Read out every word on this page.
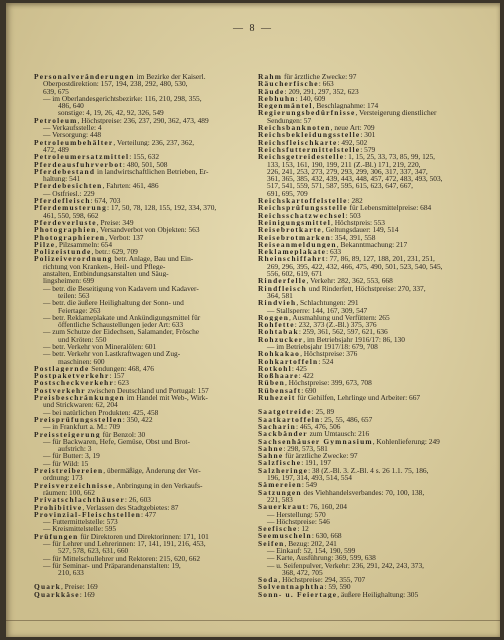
— 8 —
Personalveränderungen im Bezirke der Kaiserl.
Oberpostdirektion: 157, 194, 238, 292, 480, 530,
639, 675
— im Oberlandesgerichtsbezirke: 116, 210, 298, 355,
486, 640
sonstige: 4, 19, 26, 42, 92, 326, 549
Petroleum, Höchstpreise: 236, 237, 290, 362, 473, 489
— Verkaufsstelle: 4
— Versorgung: 448
Petroleumbehälter, Verteilung: 236, 237, 362,
472, 489
Petroleumersatzmittel: 155, 632
Pferdeausfuhrverbot: 480, 501, 508
Pferdebestand in landwirtschaftlichen Betrieben, Er-
haltung: 541
Pferdebesichten, Fahrten: 461, 486
— Ostfriesl.: 229
Pferdefleisch: 674, 703
Pferdemusterung: 17, 50, 78, 128, 155, 192, 334, 370,
461, 550, 598, 662
Pferdeverluste, Preise: 349
Photographien, Versandverbot von Objekten: 563
Photographieren, Verbot: 137
Pilze, Pilzsammeln: 654
Polizeistunde, betr.: 629, 709
Polizeiverordnung betr. Anlage, Bau und Ein-
richtung von Kranken-, Heil- und Pflege-
anstalten, Entbindungsanstalten und Säug-
lingsheimen: 699
— betr. die Beseitigung von Kadavern und Kadaver-
teilen: 563
— betr. die äußere Heilighaltung der Sonn- und
Feiertage: 263
— betr. Reklameplakate und Ankündigungsmittel für
öffentliche Schaustellungen jeder Art: 633
— zum Schutze der Eidechsen, Salamander, Frösche
und Kröten: 550
— betr. Verkehr von Mineralölen: 601
— betr. Verkehr von Lastkraftwagen und Zug-
maschinen: 600
Postlagernde Sendungen: 468, 476
Postpaketverkehr: 157
Postscheckverkehr: 623
Postverkehr zwischen Deutschland und Portugal: 157
Preisbeschränkungen im Handel mit Web-, Wirk-
und Strickwaren: 62, 204
— bei natürlichen Produkten: 425, 458
Preisprüfungsstellen: 350, 422
— in Frankfurt a. M.: 709
Preissteigerung für Benzol: 30
— für Backwaren, Hefe, Gemüse, Obst und Brot-
aufstrich: 3
— für Butter: 3, 19
— für Wild: 15
Preistreibereien, übermäßige, Änderung der Ver-
ordnung: 173
Preisverzeichnisse, Anbringung in den Verkaufs-
räumen: 100, 662
Privatschlachthäuser: 26, 603
Prohibitive, Verlassen des Stadtgebietes: 87
Provinzial-Fleischstellen: 477
— Futtermittelstelle: 573
— Kreismittelstelle: 595
Prüfungen für Direktoren und Direktorinnen: 171, 101
— für Lehrer und Lehrerinnen: 17, 141, 191, 216, 453,
527, 578, 623, 631, 660
— für Mittelschullehrer und Rektoren: 215, 620, 662
— für Seminar- und Präparandenanstalten: 19,
210, 633
Quark, Preise: 169
Quarkkäse: 169
Rahm für ärztliche Zwecke: 97
Räucherfische: 663
Räude: 209, 291, 297, 352, 623
Rebhuhn: 140, 609
Regenmäntel, Beschlagnahme: 174
Regierungsbedürfnisse, Versteigerung dienstlicher
Sendungen: 57
Reichsbanknoten, neue Art: 709
Reichsbekleidungsstelle: 301
Reichsfleischkarte: 492, 502
Reichsfuttermittelstelle: 579
Reichsgetreidestelle: 1, 15, 25, 33, 73, 85, 99, 125,
133, 153, 161, 190, 199, 211 (Z.-Bl.) 171, 219, 220,
226, 241, 253, 273, 279, 293, 299, 306, 317, 337, 347,
361, 365, 385, 432, 439, 443, 448, 457, 472, 483, 493, 503,
517, 541, 559, 571, 587, 595, 615, 623, 647, 667,
691, 695, 709
Reichskartoffelstelle: 282
Reichsprüfungsstelle für Lebensmittelpreise: 684
Reichsschatzwechsel: 503
Reinigungsmittel, Höchstpreis: 553
Reisebrotkarte, Geltungsdauer: 149, 514
Reisebrotmarken: 354, 391, 558
Reiseanmeldungen, Bekanntmachung: 217
Reklameplakate: 633
Rheinschiffahrt: 77, 86, 89, 127, 188, 201, 231, 251,
269, 296, 395, 422, 432, 466, 475, 490, 501, 523, 540, 545,
556, 602, 619, 671
Rinderfelle, Verkehr: 282, 362, 553, 668
Rindfleisch und Rinderfett, Höchstpreise: 270, 337,
364, 581
Rindvieh, Schlachtungen: 291
— Stallsperre: 144, 167, 309, 547
Roggen, Ausmahlung und Verfüttern: 265
Rohfette: 232, 373 (Z.-Bl.) 375, 376
Rohtabak: 259, 361, 562, 597, 621, 636
Rohzucker, im Betriebsjahr 1916/17: 86, 130
— im Betriebsjahr 1917/18: 679, 708
Rohkakao, Höchstpreise: 376
Rohkartoffeln: 524
Rotkohl: 425
Roßhaare: 422
Rüben, Höchstpreise: 399, 673, 708
Rübensaft: 690
Ruhezeit für Gehilfen, Lehrlinge und Arbeiter: 667
Saatgetreide: 25, 89
Saatkartoffeln: 25, 55, 486, 657
Sacharin: 465, 476, 506
Sackbänder zum Umtausch: 216
Sachsenhäuser Gymnasium, Kohlenlieferung: 249
Sahne: 298, 573, 581
Sahne für ärztliche Zwecke: 97
Salzfische: 191, 197
Salzheringe: 38 (Z.-Bl. 3. Z.-Bl. 4 s. 26 1.1. 75, 186,
196, 197, 314, 493, 514, 554
Sämereien: 549
Satzungen des Viehhandelsverbandes: 70, 100, 138,
221, 583
Sauerkraut: 76, 160, 204
— Herstellung: 570
— Höchstpreise: 546
Seefische: 12
Seemuscheln: 630, 668
Seifen, Bezug: 202, 241
— Einkauf: 52, 154, 190, 599
— Karte, Ausführung: 369, 599, 638
— u. Seifenpulver, Verkehr: 236, 291, 242, 243, 373,
368, 472, 705
Soda, Höchstpreise: 294, 355, 707
Solventnaphtha: 59, 590
Sonn- u. Feiertage, äußere Heilighaltung: 305
